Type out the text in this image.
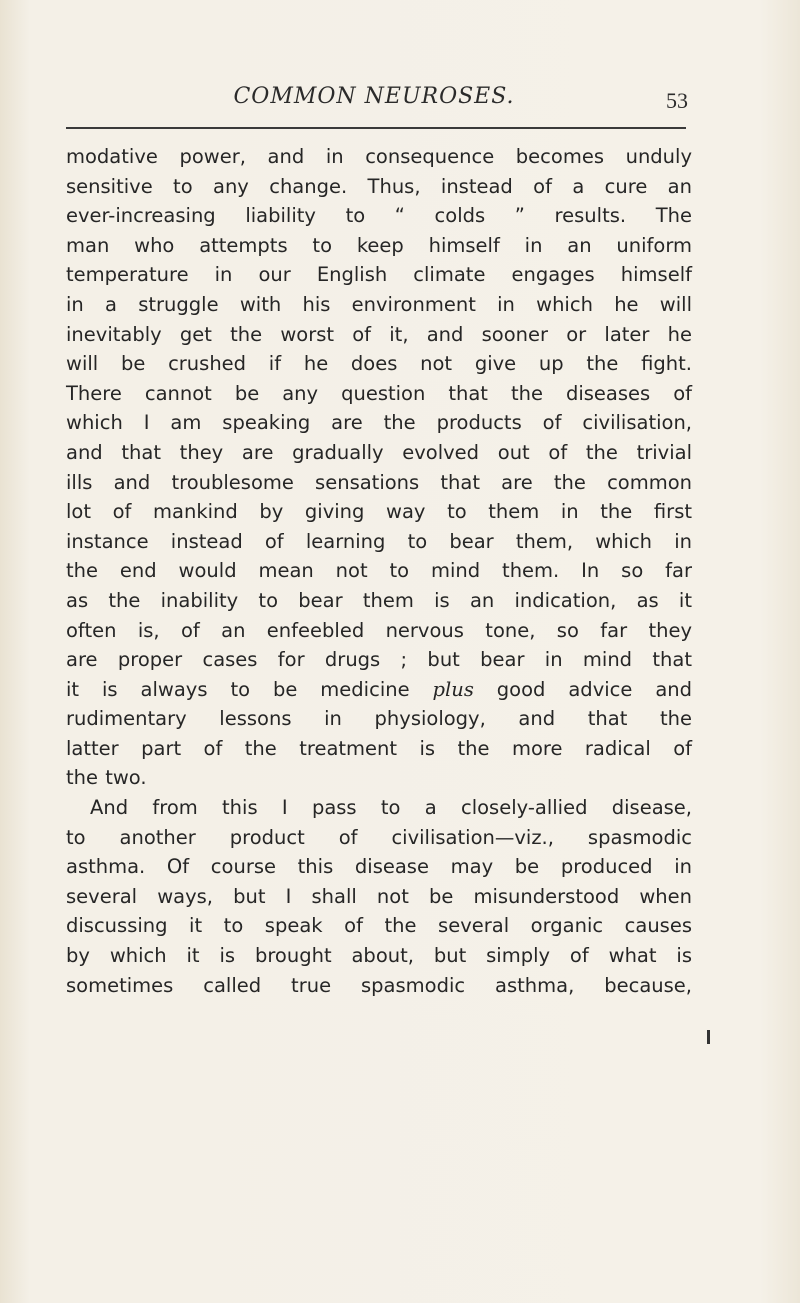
COMMON NEUROSES.	53
modative power, and in consequence becomes unduly
sensitive to any change. Thus, instead of a cure an
ever-increasing liability to “ colds ” results. The
man who attempts to keep himself in an uniform
temperature in our English climate engages himself
in a struggle with his environment in which he will
inevitably get the worst of it, and sooner or later he
will be crushed if he does not give up the fight.
There cannot be any question that the diseases of
which I am speaking are the products of civilisation,
and that they are gradually evolved out of the trivial
ills and troublesome sensations that are the common
lot of mankind by giving way to them in the first
instance instead of learning to bear them, which in
the end would mean not to mind them. In so far
as the inability to bear them is an indication, as it
often is, of an enfeebled nervous tone, so far they
are proper cases for drugs ; but bear in mind that
it is always to be medicine plus good advice and
rudimentary lessons in physiology, and that the
latter part of the treatment is the more radical of
the two.
And from this I pass to a closely-allied disease,
to another product of civilisation—viz., spasmodic
asthma. Of course this disease may be produced in
several ways, but I shall not be misunderstood when
discussing it to speak of the several organic causes
by which it is brought about, but simply of what is
sometimes called true spasmodic asthma, because,
